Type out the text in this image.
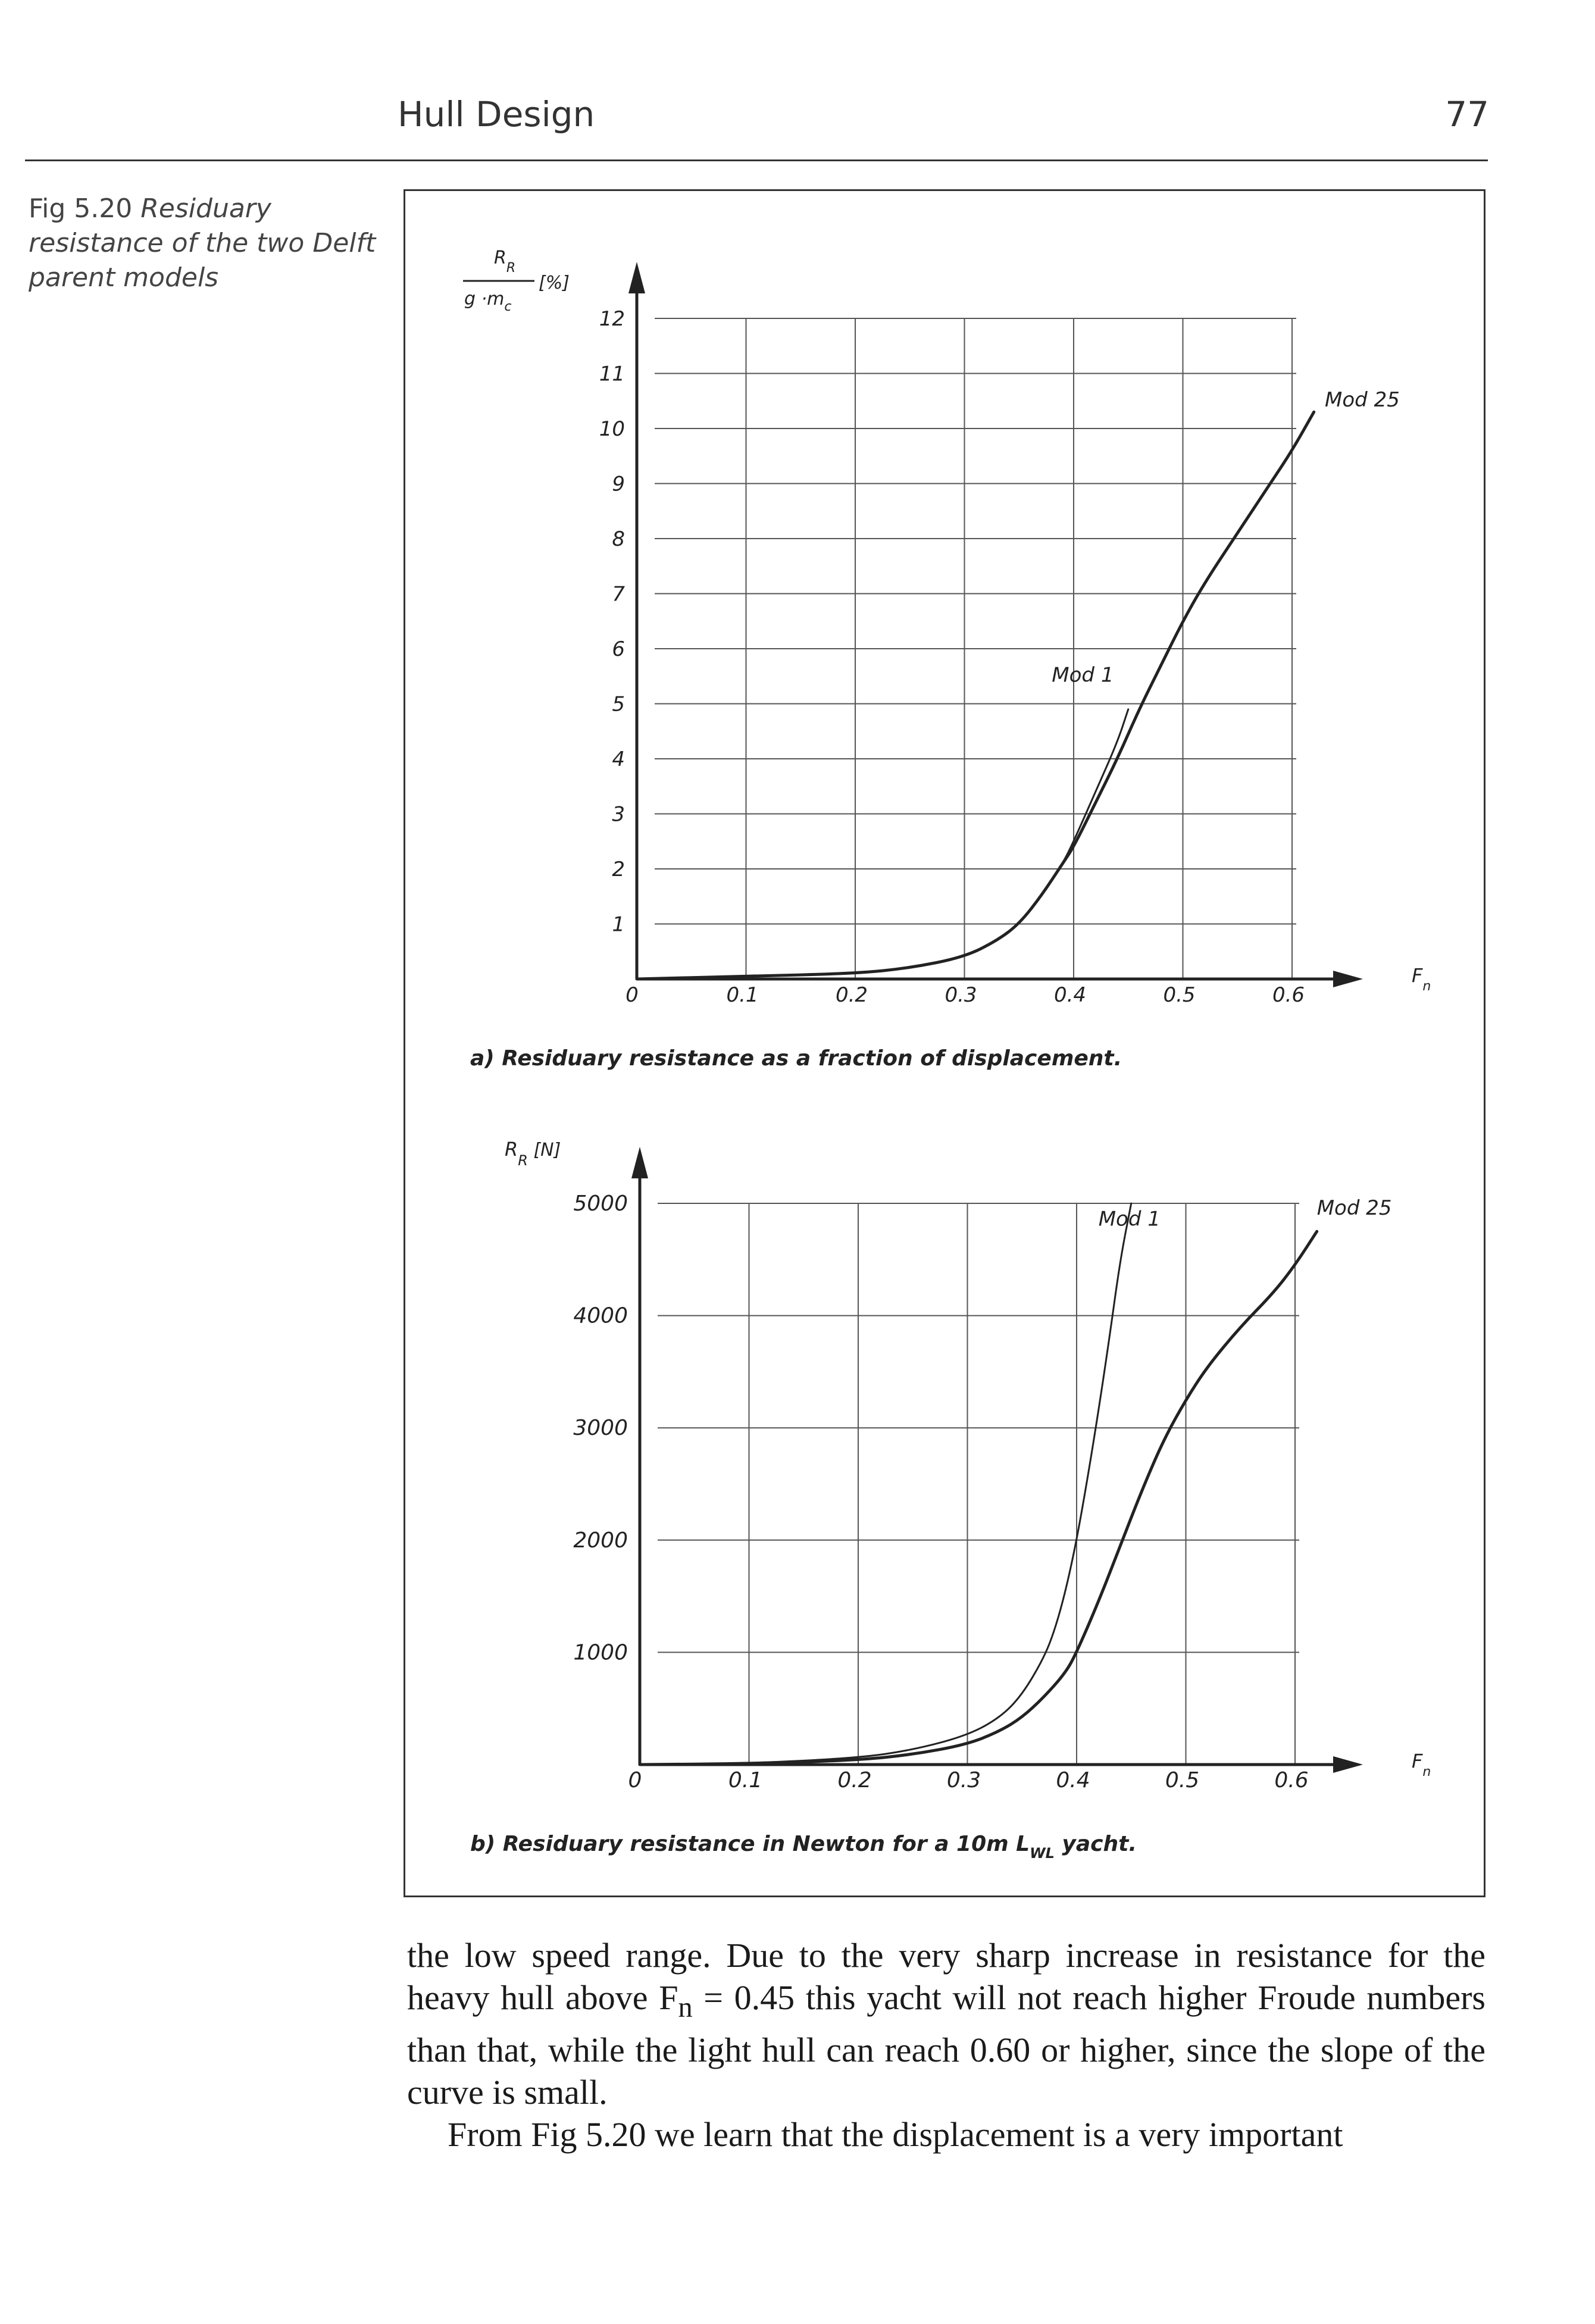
Hull Design	77
Fig 5.20 Residuary resistance of the two Delft parent models
0	0.1	0.2	0.3	0.4	0.5	0.6
1
2
3
4
5
6
7
8
9
10
11
12
$F_n$
$R_R$
$g \cdot m_c$
[%]
Mod 25
Mod 1
a) Residuary resistance as a fraction of displacement.
0	0.1	0.2	0.3	0.4	0.5	0.6
1000
2000
3000
4000
5000
$F_n$
$R_R$ [N]
Mod 25
Mod 1
b) Residuary resistance in Newton for a 10m $L_{WL}$ yacht.

the low speed range. Due to the very sharp increase in resistance for the heavy hull above $F_n = 0.45$ this yacht will not reach higher Froude numbers than that, while the light hull can reach 0.60 or higher, since the slope of the curve is small.

From Fig 5.20 we learn that the displacement is a very important
